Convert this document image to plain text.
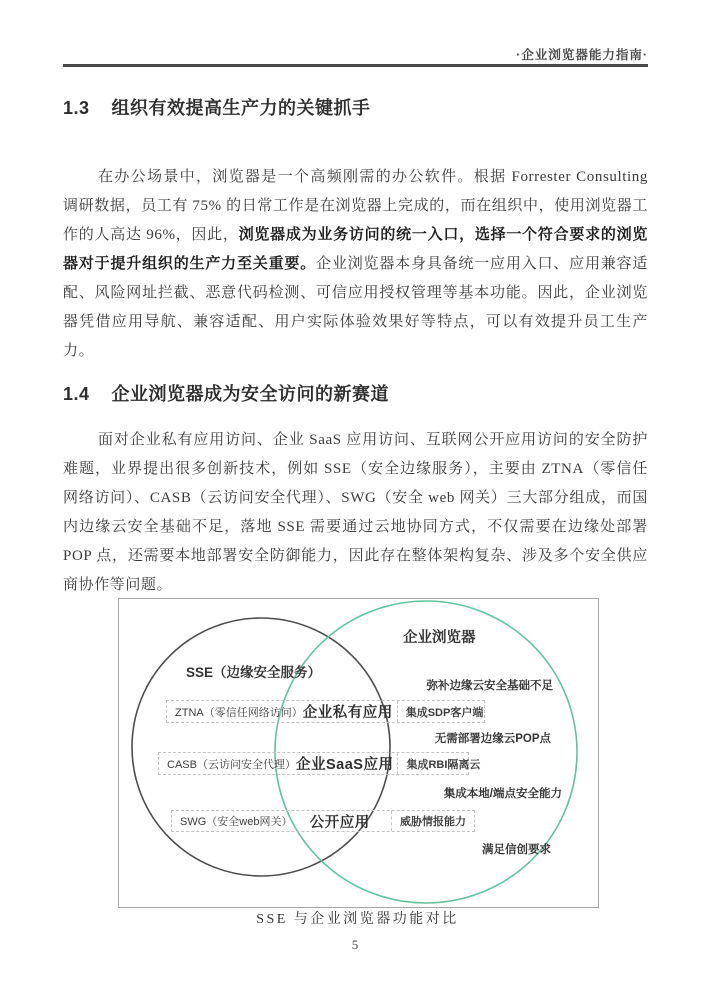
·企业浏览器能力指南·
1.3 组织有效提高生产力的关键抓手

在办公场景中，浏览器是一个高频刚需的办公软件。根据 Forrester Consulting 调研数据，员工有 75% 的日常工作是在浏览器上完成的，而在组织中，使用浏览器工作的人高达 96%，因此，浏览器成为业务访问的统一入口，选择一个符合要求的浏览器对于提升组织的生产力至关重要。企业浏览器本身具备统一应用入口、应用兼容适配、风险网址拦截、恶意代码检测、可信应用授权管理等基本功能。因此，企业浏览器凭借应用导航、兼容适配、用户实际体验效果好等特点，可以有效提升员工生产力。

1.4 企业浏览器成为安全访问的新赛道

面对企业私有应用访问、企业 SaaS 应用访问、互联网公开应用访问的安全防护难题，业界提出很多创新技术，例如 SSE（安全边缘服务），主要由 ZTNA（零信任网络访问）、CASB（云访问安全代理）、SWG（安全 web 网关）三大部分组成，而国内边缘云安全基础不足，落地 SSE 需要通过云地协同方式，不仅需要在边缘处部署 POP 点，还需要本地部署安全防御能力，因此存在整体架构复杂、涉及多个安全供应商协作等问题。

SSE（边缘安全服务）
企业浏览器
ZTNA（零信任网络访问） 企业私有应用	集成SDP客户端
CASB（云访问安全代理） 企业SaaS应用	集成RBI隔离云
SWG（安全web网关） 公开应用	威胁情报能力
弥补边缘云安全基础不足
无需部署边缘云POP点
集成本地/端点安全能力
满足信创要求
SSE 与企业浏览器功能对比
5
